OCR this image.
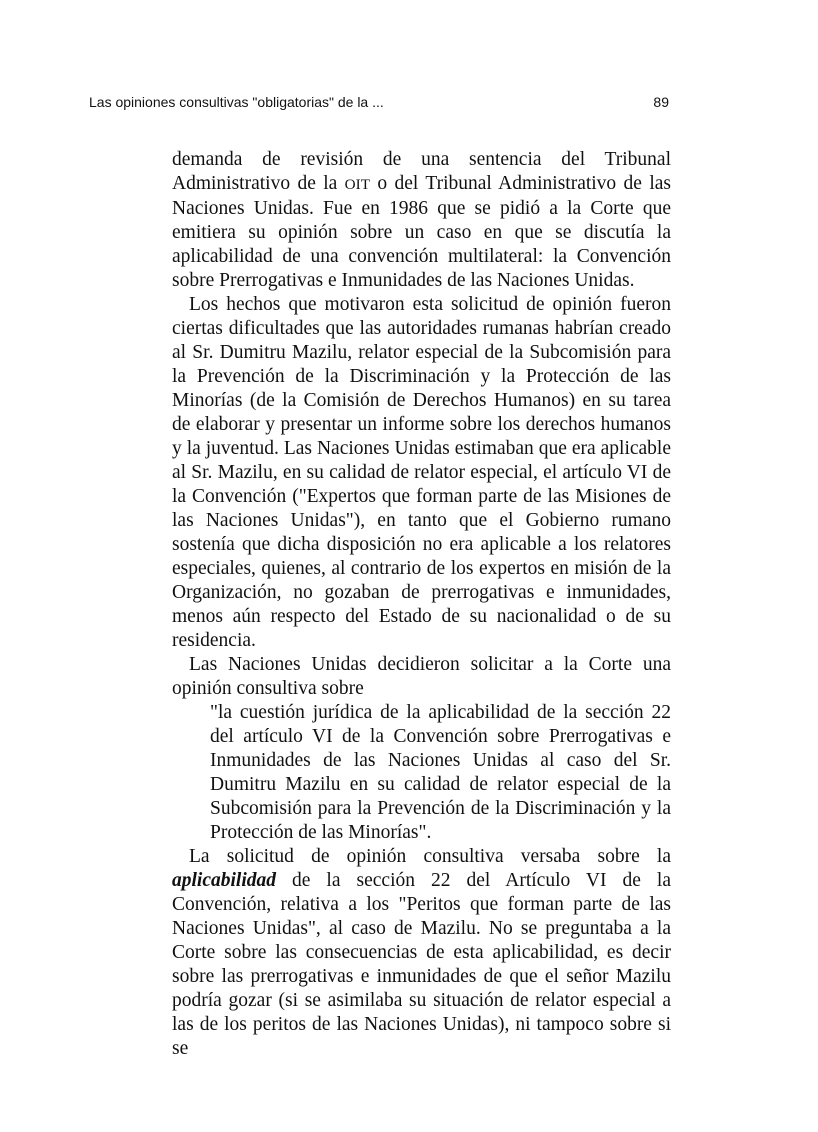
Las opiniones consultivas "obligatorias" de la ...	89

demanda de revisión de una sentencia del Tribunal Administrativo de la OIT o del Tribunal Administrativo de las Naciones Unidas. Fue en 1986 que se pidió a la Corte que emitiera su opinión sobre un caso en que se discutía la aplicabilidad de una convención multilateral: la Convención sobre Prerrogativas e Inmunidades de las Naciones Unidas.

Los hechos que motivaron esta solicitud de opinión fueron ciertas dificultades que las autoridades rumanas habrían creado al Sr. Dumitru Mazilu, relator especial de la Subcomisión para la Prevención de la Discriminación y la Protección de las Minorías (de la Comisión de Derechos Humanos) en su tarea de elaborar y presentar un informe sobre los derechos humanos y la juventud. Las Naciones Unidas estimaban que era aplicable al Sr. Mazilu, en su calidad de relator especial, el artículo VI de la Convención ("Expertos que forman parte de las Misiones de las Naciones Unidas"), en tanto que el Gobierno rumano sostenía que dicha disposición no era aplicable a los relatores especiales, quienes, al contrario de los expertos en misión de la Organización, no gozaban de prerrogativas e inmunidades, menos aún respecto del Estado de su nacionalidad o de su residencia.

Las Naciones Unidas decidieron solicitar a la Corte una opinión consultiva sobre

"la cuestión jurídica de la aplicabilidad de la sección 22 del artículo VI de la Convención sobre Prerrogativas e Inmunidades de las Naciones Unidas al caso del Sr. Dumitru Mazilu en su calidad de relator especial de la Subcomisión para la Prevención de la Discriminación y la Protección de las Minorías".

La solicitud de opinión consultiva versaba sobre la aplicabilidad de la sección 22 del Artículo VI de la Convención, relativa a los "Peritos que forman parte de las Naciones Unidas", al caso de Mazilu. No se preguntaba a la Corte sobre las consecuencias de esta aplicabilidad, es decir sobre las prerrogativas e inmunidades de que el señor Mazilu podría gozar (si se asimilaba su situación de relator especial a las de los peritos de las Naciones Unidas), ni tampoco sobre si se
